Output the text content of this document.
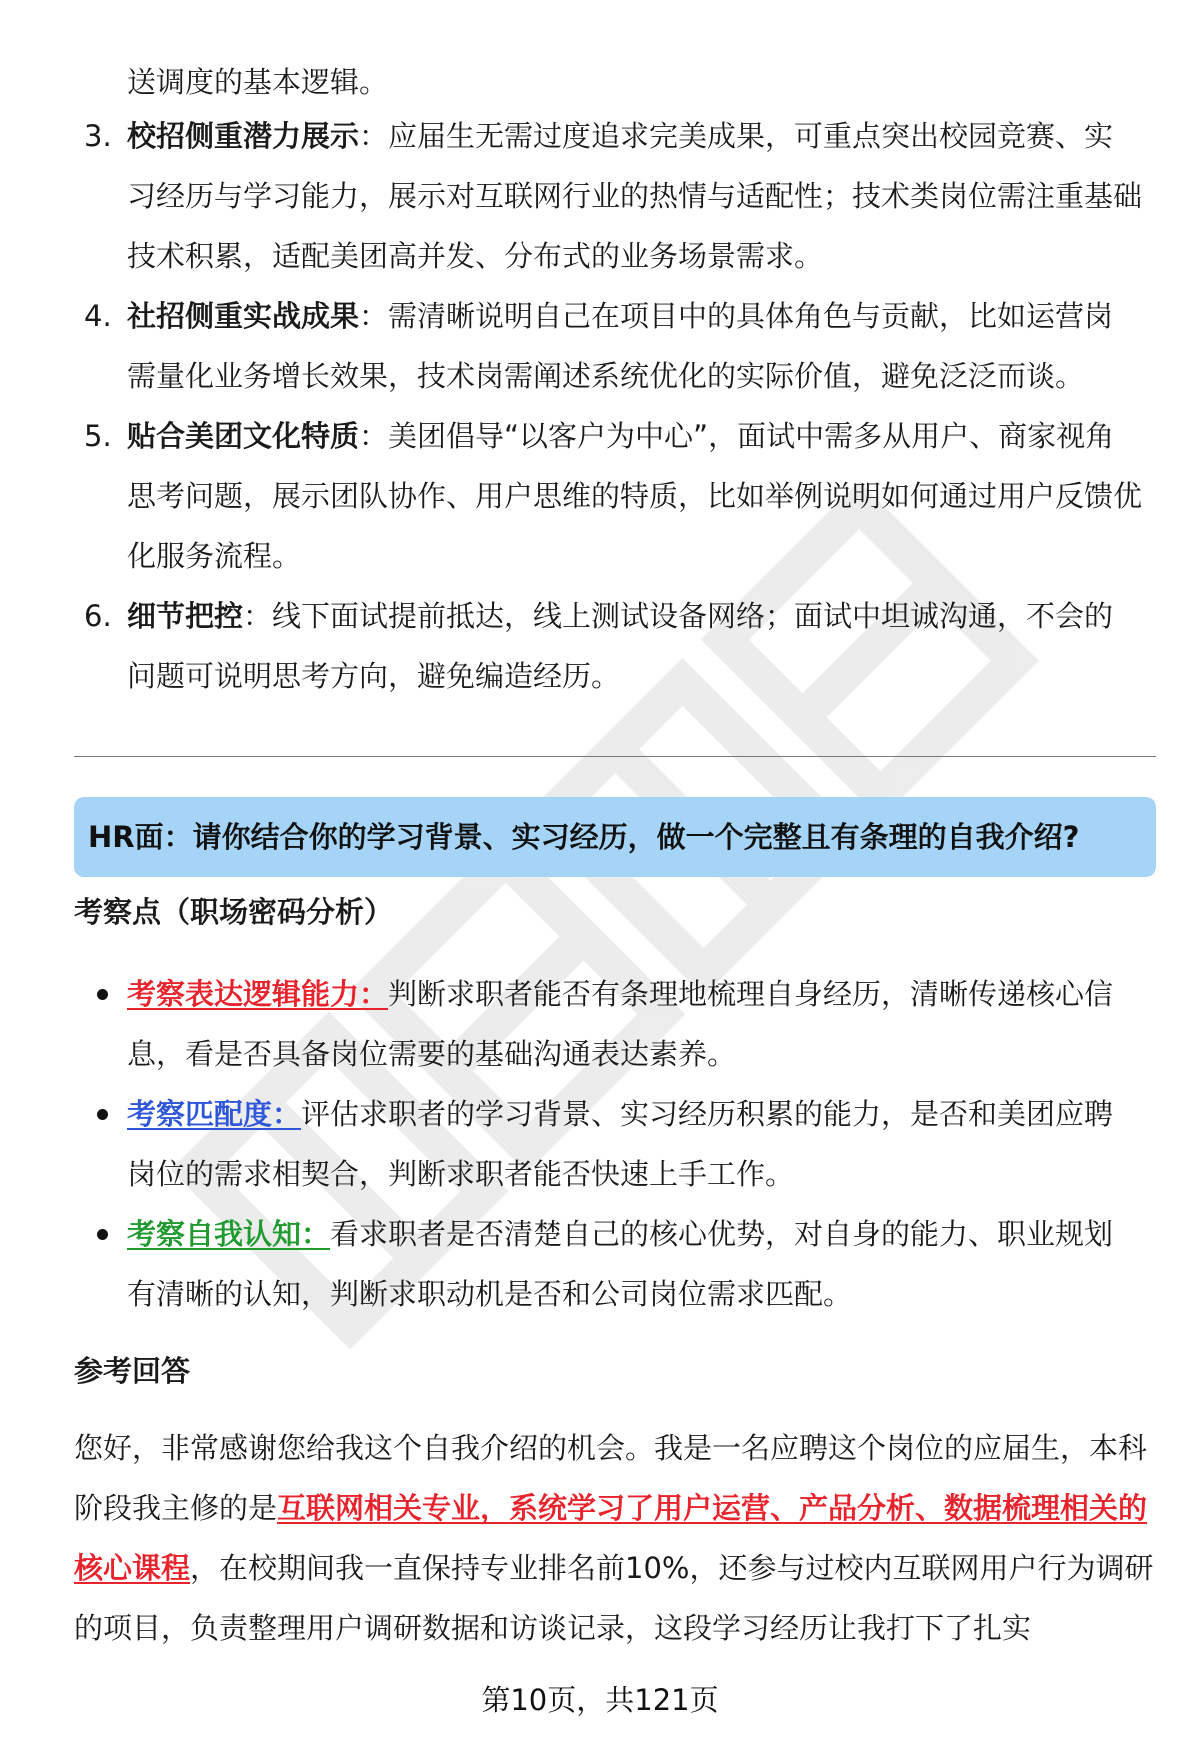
送调度的基本逻辑。
3. 校招侧重潜力展示：应届生无需过度追求完美成果，可重点突出校园竞赛、实习经历与学习能力，展示对互联网行业的热情与适配性；技术类岗位需注重基础技术积累，适配美团高并发、分布式的业务场景需求。
4. 社招侧重实战成果：需清晰说明自己在项目中的具体角色与贡献，比如运营岗需量化业务增长效果，技术岗需阐述系统优化的实际价值，避免泛泛而谈。
5. 贴合美团文化特质：美团倡导“以客户为中心”，面试中需多从用户、商家视角思考问题，展示团队协作、用户思维的特质，比如举例说明如何通过用户反馈优化服务流程。
6. 细节把控：线下面试提前抵达，线上测试设备网络；面试中坦诚沟通，不会的问题可说明思考方向，避免编造经历。
HR面：请你结合你的学习背景、实习经历，做一个完整且有条理的自我介绍?
考察点（职场密码分析）
考察表达逻辑能力：判断求职者能否有条理地梳理自身经历，清晰传递核心信息，看是否具备岗位需要的基础沟通表达素养。
考察匹配度：评估求职者的学习背景、实习经历积累的能力，是否和美团应聘岗位的需求相契合，判断求职者能否快速上手工作。
考察自我认知：看求职者是否清楚自己的核心优势，对自身的能力、职业规划有清晰的认知，判断求职动机是否和公司岗位需求匹配。
参考回答
您好，非常感谢您给我这个自我介绍的机会。我是一名应聘这个岗位的应届生，本科阶段我主修的是互联网相关专业，系统学习了用户运营、产品分析、数据梳理相关的核心课程，在校期间我一直保持专业排名前10%，还参与过校内互联网用户行为调研的项目，负责整理用户调研数据和访谈记录，这段学习经历让我打下了扎实
第10页，共121页
